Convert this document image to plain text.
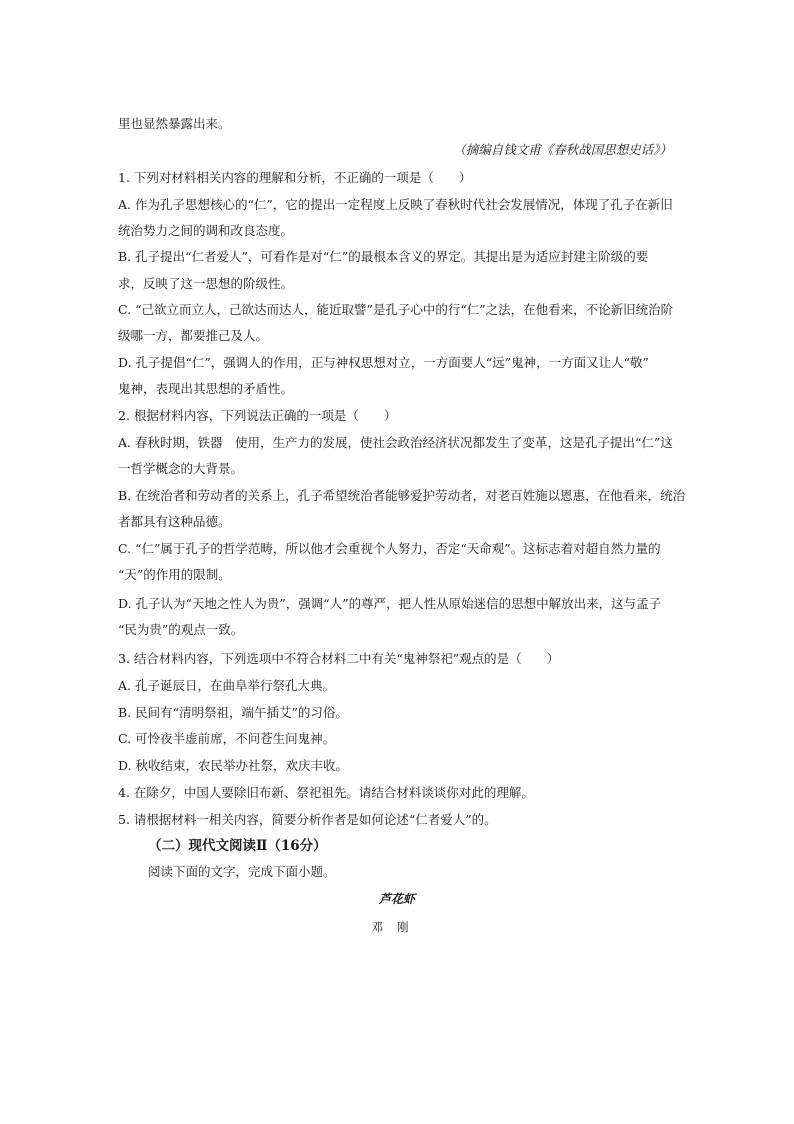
里也显然暴露出来。
（摘编自钱文甫《春秋战国思想史话》）
1. 下列对材料相关内容的理解和分析，不正确的一项是（　　）
A. 作为孔子思想核心的“仁”，它的提出一定程度上反映了春秋时代社会发展情况，体现了孔子在新旧
统治势力之间的调和改良态度。
B. 孔子提出“仁者爱人”，可看作是对“仁”的最根本含义的界定。其提出是为适应封建主阶级的要
求，反映了这一思想的阶级性。
C. “己欲立而立人，己欲达而达人，能近取譬”是孔子心中的行“仁”之法，在他看来，不论新旧统治阶
级哪一方，都要推己及人。
D. 孔子提倡“仁”，强调人的作用，正与神权思想对立，一方面要人“远”鬼神，一方面又让人“敬”
鬼神，表现出其思想的矛盾性。
2. 根据材料内容，下列说法正确的一项是（　　）
A. 春秋时期，铁器　使用，生产力的发展，使社会政治经济状况都发生了变革，这是孔子提出“仁”这
一哲学概念的大背景。
B. 在统治者和劳动者的关系上，孔子希望统治者能够爱护劳动者，对老百姓施以恩惠，在他看来，统治
者都具有这种品德。
C. “仁”属于孔子的哲学范畴，所以他才会重视个人努力，否定“天命观”。这标志着对超自然力量的
“天”的作用的限制。
D. 孔子认为“天地之性人为贵”，强调“人”的尊严，把人性从原始迷信的思想中解放出来，这与孟子
“民为贵”的观点一致。
3. 结合材料内容，下列选项中不符合材料二中有关“鬼神祭祀”观点的是（　　）
A. 孔子诞辰日，在曲阜举行祭孔大典。
B. 民间有“清明祭祖，端午插艾”的习俗。
C. 可怜夜半虚前席，不问苍生问鬼神。
D. 秋收结束，农民举办社祭，欢庆丰收。
4. 在除夕，中国人要除旧布新、祭祀祖先。请结合材料谈谈你对此的理解。
5. 请根据材料一相关内容，简要分析作者是如何论述“仁者爱人”的。
（二）现代文阅读Ⅱ（16分）
阅读下面的文字，完成下面小题。
芦花虾
邓刚
